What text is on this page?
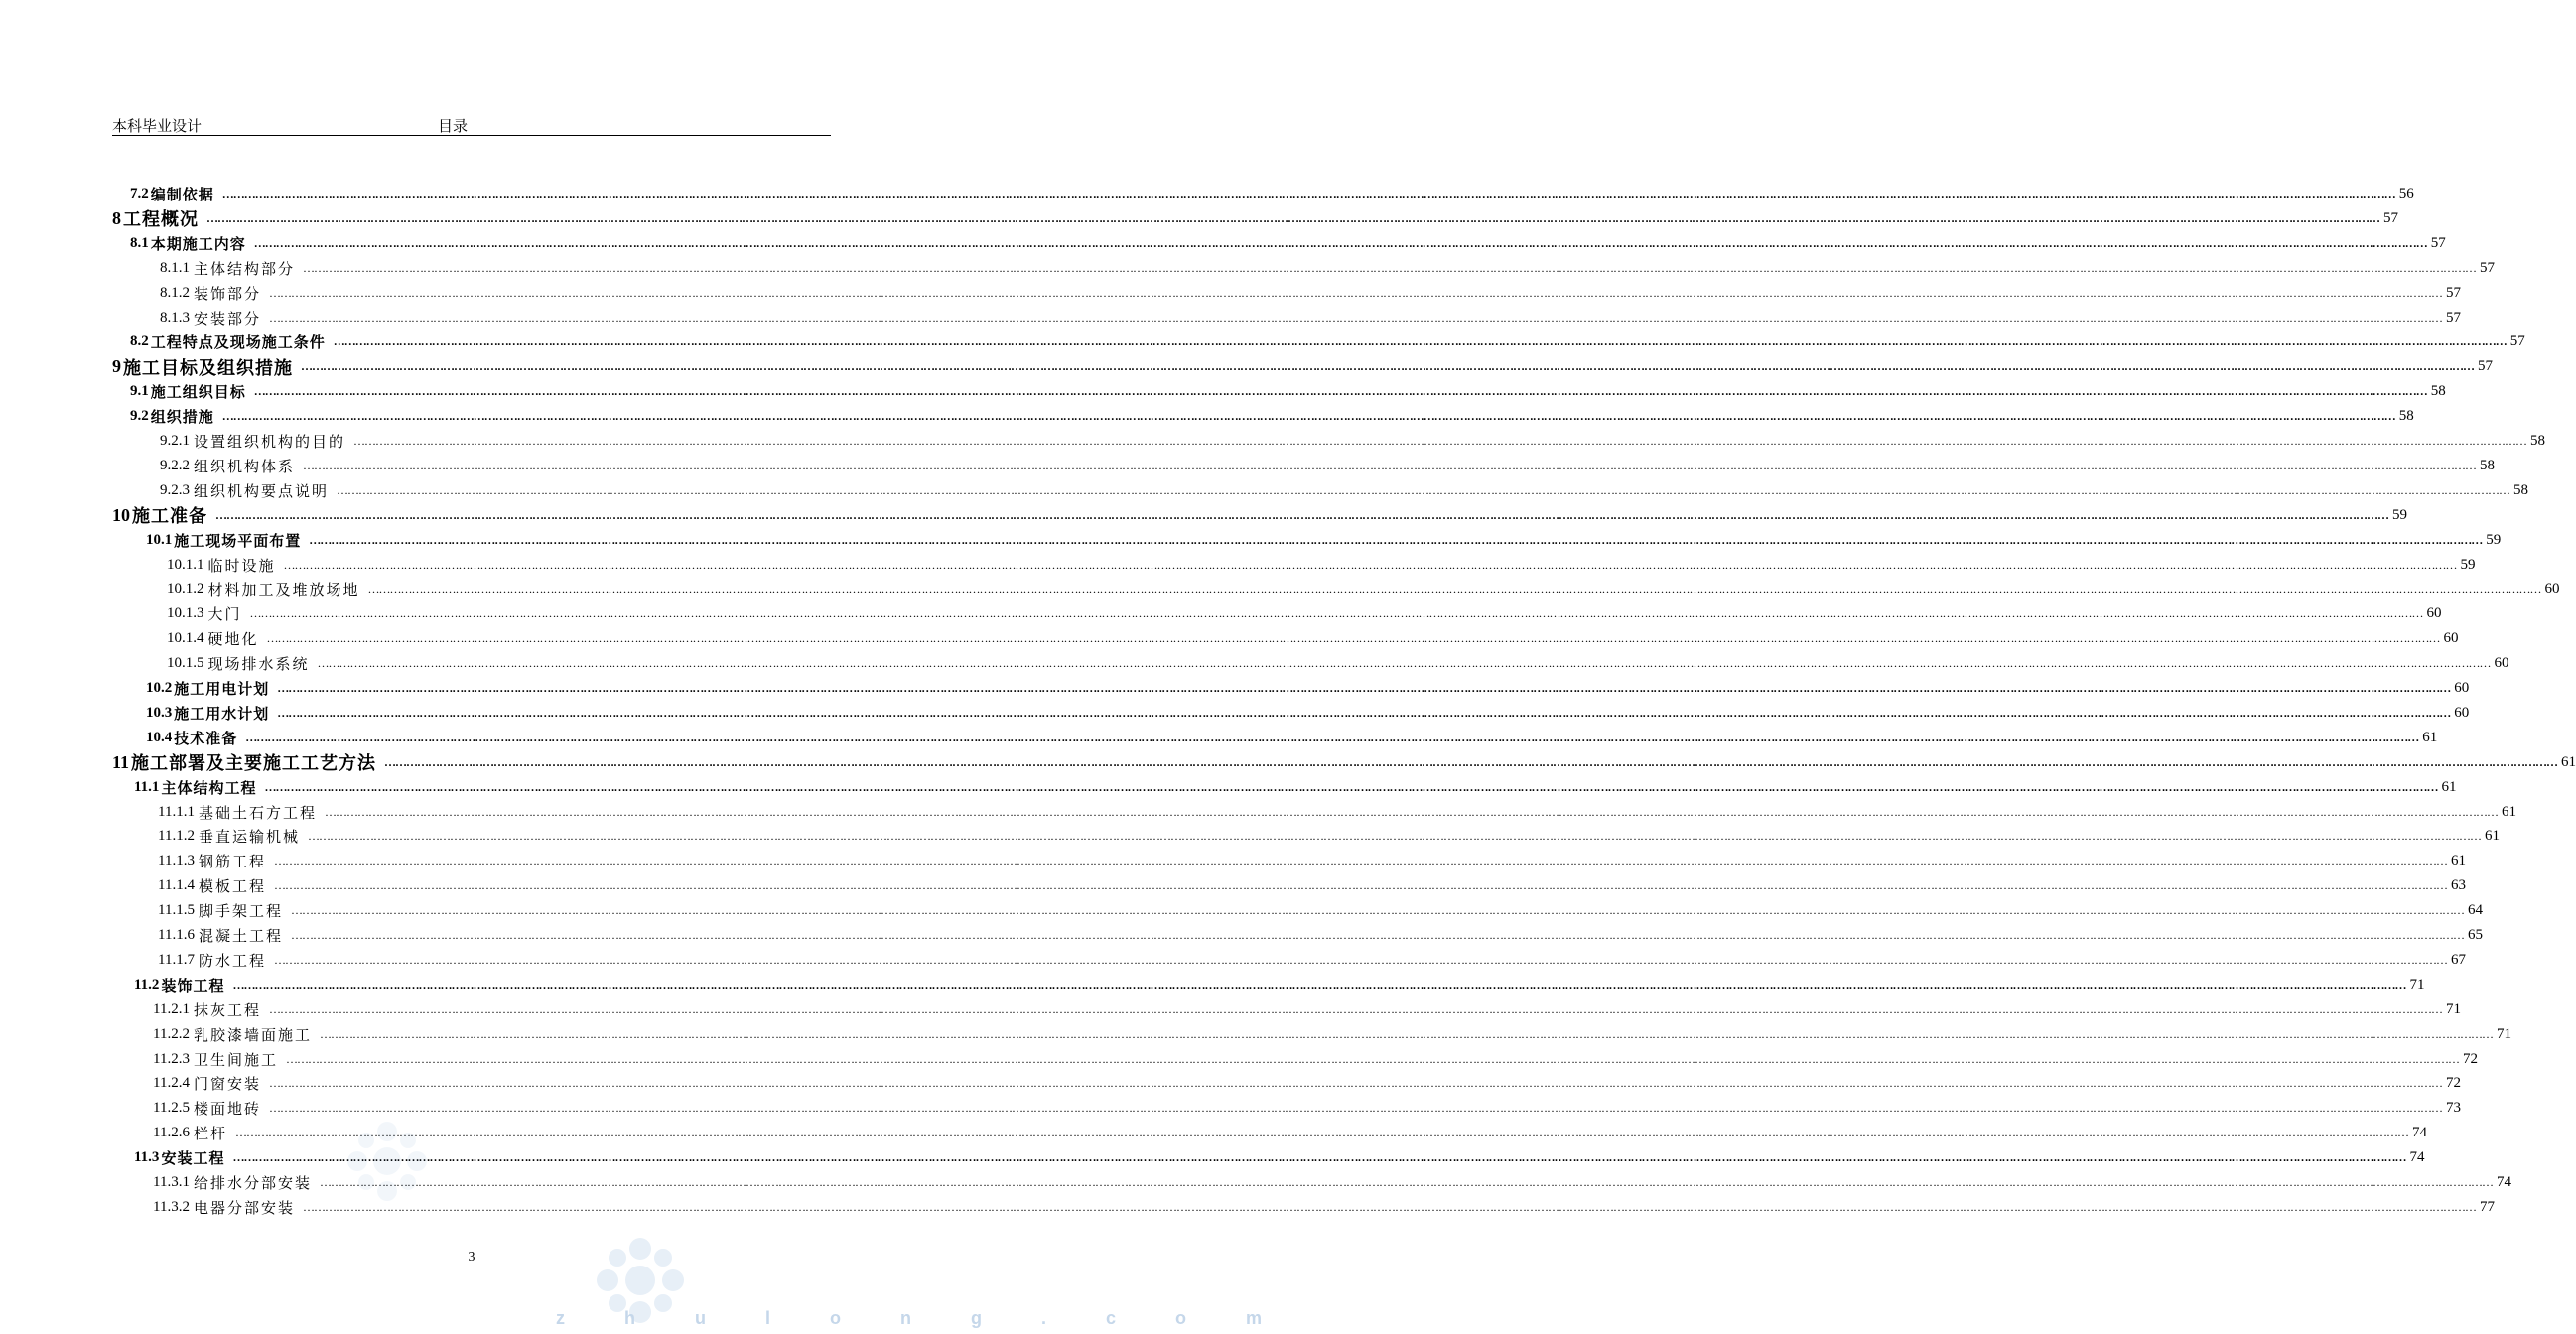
本科毕业设计	目录
7.2 编制依据 ………………………………………………………………………………………………………………………………………………………………………………………………………………………………………………………………………………………………………………………………………………………………………………………………………………………………………………………………………………………………………………………………………………… 56
8 工程概况 ………………………………………………………………………………………………………………………………………………………………………………………………………………………………………………………………………………………………………………………………………………………………………………………………………………………………………………………………………………………………………………………………………………… 57
8.1 本期施工内容 ………………………………………………………………………………………………………………………………………………………………………………………………………………………………………………………………………………………………………………………………………………………………………………………………………………………………………………………………………………………………………………………………………………… 57
8.1.1 主体结构部分 ………………………………………………………………………………………………………………………………………………………………………………………………………………………………………………………………………………………………………………………………………………………………………………………………………………………………………………………………………………………………………………………………………………… 57
8.1.2 装饰部分 ………………………………………………………………………………………………………………………………………………………………………………………………………………………………………………………………………………………………………………………………………………………………………………………………………………………………………………………………………………………………………………………………………………… 57
8.1.3 安装部分 ………………………………………………………………………………………………………………………………………………………………………………………………………………………………………………………………………………………………………………………………………………………………………………………………………………………………………………………………………………………………………………………………………………… 57
8.2 工程特点及现场施工条件 ………………………………………………………………………………………………………………………………………………………………………………………………………………………………………………………………………………………………………………………………………………………………………………………………………………………………………………………………………………………………………………………………………………… 57
9 施工目标及组织措施 ………………………………………………………………………………………………………………………………………………………………………………………………………………………………………………………………………………………………………………………………………………………………………………………………………………………………………………………………………………………………………………………………………………… 57
9.1 施工组织目标 ………………………………………………………………………………………………………………………………………………………………………………………………………………………………………………………………………………………………………………………………………………………………………………………………………………………………………………………………………………………………………………………………………………… 58
9.2 组织措施 ………………………………………………………………………………………………………………………………………………………………………………………………………………………………………………………………………………………………………………………………………………………………………………………………………………………………………………………………………………………………………………………………………………… 58
9.2.1 设置组织机构的目的 ………………………………………………………………………………………………………………………………………………………………………………………………………………………………………………………………………………………………………………………………………………………………………………………………………………………………………………………………………………………………………………………………………………… 58
9.2.2 组织机构体系 ………………………………………………………………………………………………………………………………………………………………………………………………………………………………………………………………………………………………………………………………………………………………………………………………………………………………………………………………………………………………………………………………………………… 58
9.2.3 组织机构要点说明 ………………………………………………………………………………………………………………………………………………………………………………………………………………………………………………………………………………………………………………………………………………………………………………………………………………………………………………………………………………………………………………………………………………… 58
10 施工准备 ………………………………………………………………………………………………………………………………………………………………………………………………………………………………………………………………………………………………………………………………………………………………………………………………………………………………………………………………………………………………………………………………………………… 59
10.1 施工现场平面布置 ………………………………………………………………………………………………………………………………………………………………………………………………………………………………………………………………………………………………………………………………………………………………………………………………………………………………………………………………………………………………………………………………………………… 59
10.1.1 临时设施 ………………………………………………………………………………………………………………………………………………………………………………………………………………………………………………………………………………………………………………………………………………………………………………………………………………………………………………………………………………………………………………………………………………… 59
10.1.2 材料加工及堆放场地 ………………………………………………………………………………………………………………………………………………………………………………………………………………………………………………………………………………………………………………………………………………………………………………………………………………………………………………………………………………………………………………………………………………… 60
10.1.3 大门 ………………………………………………………………………………………………………………………………………………………………………………………………………………………………………………………………………………………………………………………………………………………………………………………………………………………………………………………………………………………………………………………………………………… 60
10.1.4 硬地化 ………………………………………………………………………………………………………………………………………………………………………………………………………………………………………………………………………………………………………………………………………………………………………………………………………………………………………………………………………………………………………………………………………………… 60
10.1.5 现场排水系统 ………………………………………………………………………………………………………………………………………………………………………………………………………………………………………………………………………………………………………………………………………………………………………………………………………………………………………………………………………………………………………………………………………………… 60
10.2 施工用电计划 ………………………………………………………………………………………………………………………………………………………………………………………………………………………………………………………………………………………………………………………………………………………………………………………………………………………………………………………………………………………………………………………………………………… 60
10.3 施工用水计划 ………………………………………………………………………………………………………………………………………………………………………………………………………………………………………………………………………………………………………………………………………………………………………………………………………………………………………………………………………………………………………………………………………………… 60
10.4 技术准备 ………………………………………………………………………………………………………………………………………………………………………………………………………………………………………………………………………………………………………………………………………………………………………………………………………………………………………………………………………………………………………………………………………………… 61
11 施工部署及主要施工工艺方法 ………………………………………………………………………………………………………………………………………………………………………………………………………………………………………………………………………………………………………………………………………………………………………………………………………………………………………………………………………………………………………………………………………………… 61
11.1 主体结构工程 ………………………………………………………………………………………………………………………………………………………………………………………………………………………………………………………………………………………………………………………………………………………………………………………………………………………………………………………………………………………………………………………………………………… 61
11.1.1 基础土石方工程 ………………………………………………………………………………………………………………………………………………………………………………………………………………………………………………………………………………………………………………………………………………………………………………………………………………………………………………………………………………………………………………………………………………… 61
11.1.2 垂直运输机械 ………………………………………………………………………………………………………………………………………………………………………………………………………………………………………………………………………………………………………………………………………………………………………………………………………………………………………………………………………………………………………………………………………………… 61
11.1.3 钢筋工程 ………………………………………………………………………………………………………………………………………………………………………………………………………………………………………………………………………………………………………………………………………………………………………………………………………………………………………………………………………………………………………………………………………………… 61
11.1.4 模板工程 ………………………………………………………………………………………………………………………………………………………………………………………………………………………………………………………………………………………………………………………………………………………………………………………………………………………………………………………………………………………………………………………………………………… 63
11.1.5 脚手架工程 ………………………………………………………………………………………………………………………………………………………………………………………………………………………………………………………………………………………………………………………………………………………………………………………………………………………………………………………………………………………………………………………………………………… 64
11.1.6 混凝土工程 ………………………………………………………………………………………………………………………………………………………………………………………………………………………………………………………………………………………………………………………………………………………………………………………………………………………………………………………………………………………………………………………………………………… 65
11.1.7 防水工程 ………………………………………………………………………………………………………………………………………………………………………………………………………………………………………………………………………………………………………………………………………………………………………………………………………………………………………………………………………………………………………………………………………………… 67
11.2 装饰工程 ………………………………………………………………………………………………………………………………………………………………………………………………………………………………………………………………………………………………………………………………………………………………………………………………………………………………………………………………………………………………………………………………………………… 71
11.2.1 抹灰工程 ………………………………………………………………………………………………………………………………………………………………………………………………………………………………………………………………………………………………………………………………………………………………………………………………………………………………………………………………………………………………………………………………………………… 71
11.2.2 乳胶漆墙面施工 ………………………………………………………………………………………………………………………………………………………………………………………………………………………………………………………………………………………………………………………………………………………………………………………………………………………………………………………………………………………………………………………………………………… 71
11.2.3 卫生间施工 ………………………………………………………………………………………………………………………………………………………………………………………………………………………………………………………………………………………………………………………………………………………………………………………………………………………………………………………………………………………………………………………………………………… 72
11.2.4 门窗安装 ………………………………………………………………………………………………………………………………………………………………………………………………………………………………………………………………………………………………………………………………………………………………………………………………………………………………………………………………………………………………………………………………………………… 72
11.2.5 楼面地砖 ………………………………………………………………………………………………………………………………………………………………………………………………………………………………………………………………………………………………………………………………………………………………………………………………………………………………………………………………………………………………………………………………………………… 73
11.2.6 栏杆 ………………………………………………………………………………………………………………………………………………………………………………………………………………………………………………………………………………………………………………………………………………………………………………………………………………………………………………………………………………………………………………………………………………… 74
11.3 安装工程 ………………………………………………………………………………………………………………………………………………………………………………………………………………………………………………………………………………………………………………………………………………………………………………………………………………………………………………………………………………………………………………………………………………… 74
11.3.1 给排水分部安装 ………………………………………………………………………………………………………………………………………………………………………………………………………………………………………………………………………………………………………………………………………………………………………………………………………………………………………………………………………………………………………………………………………………… 74
11.3.2 电器分部安装 ………………………………………………………………………………………………………………………………………………………………………………………………………………………………………………………………………………………………………………………………………………………………………………………………………………………………………………………………………………………………………………………………………………… 77
zhulong.com
3
